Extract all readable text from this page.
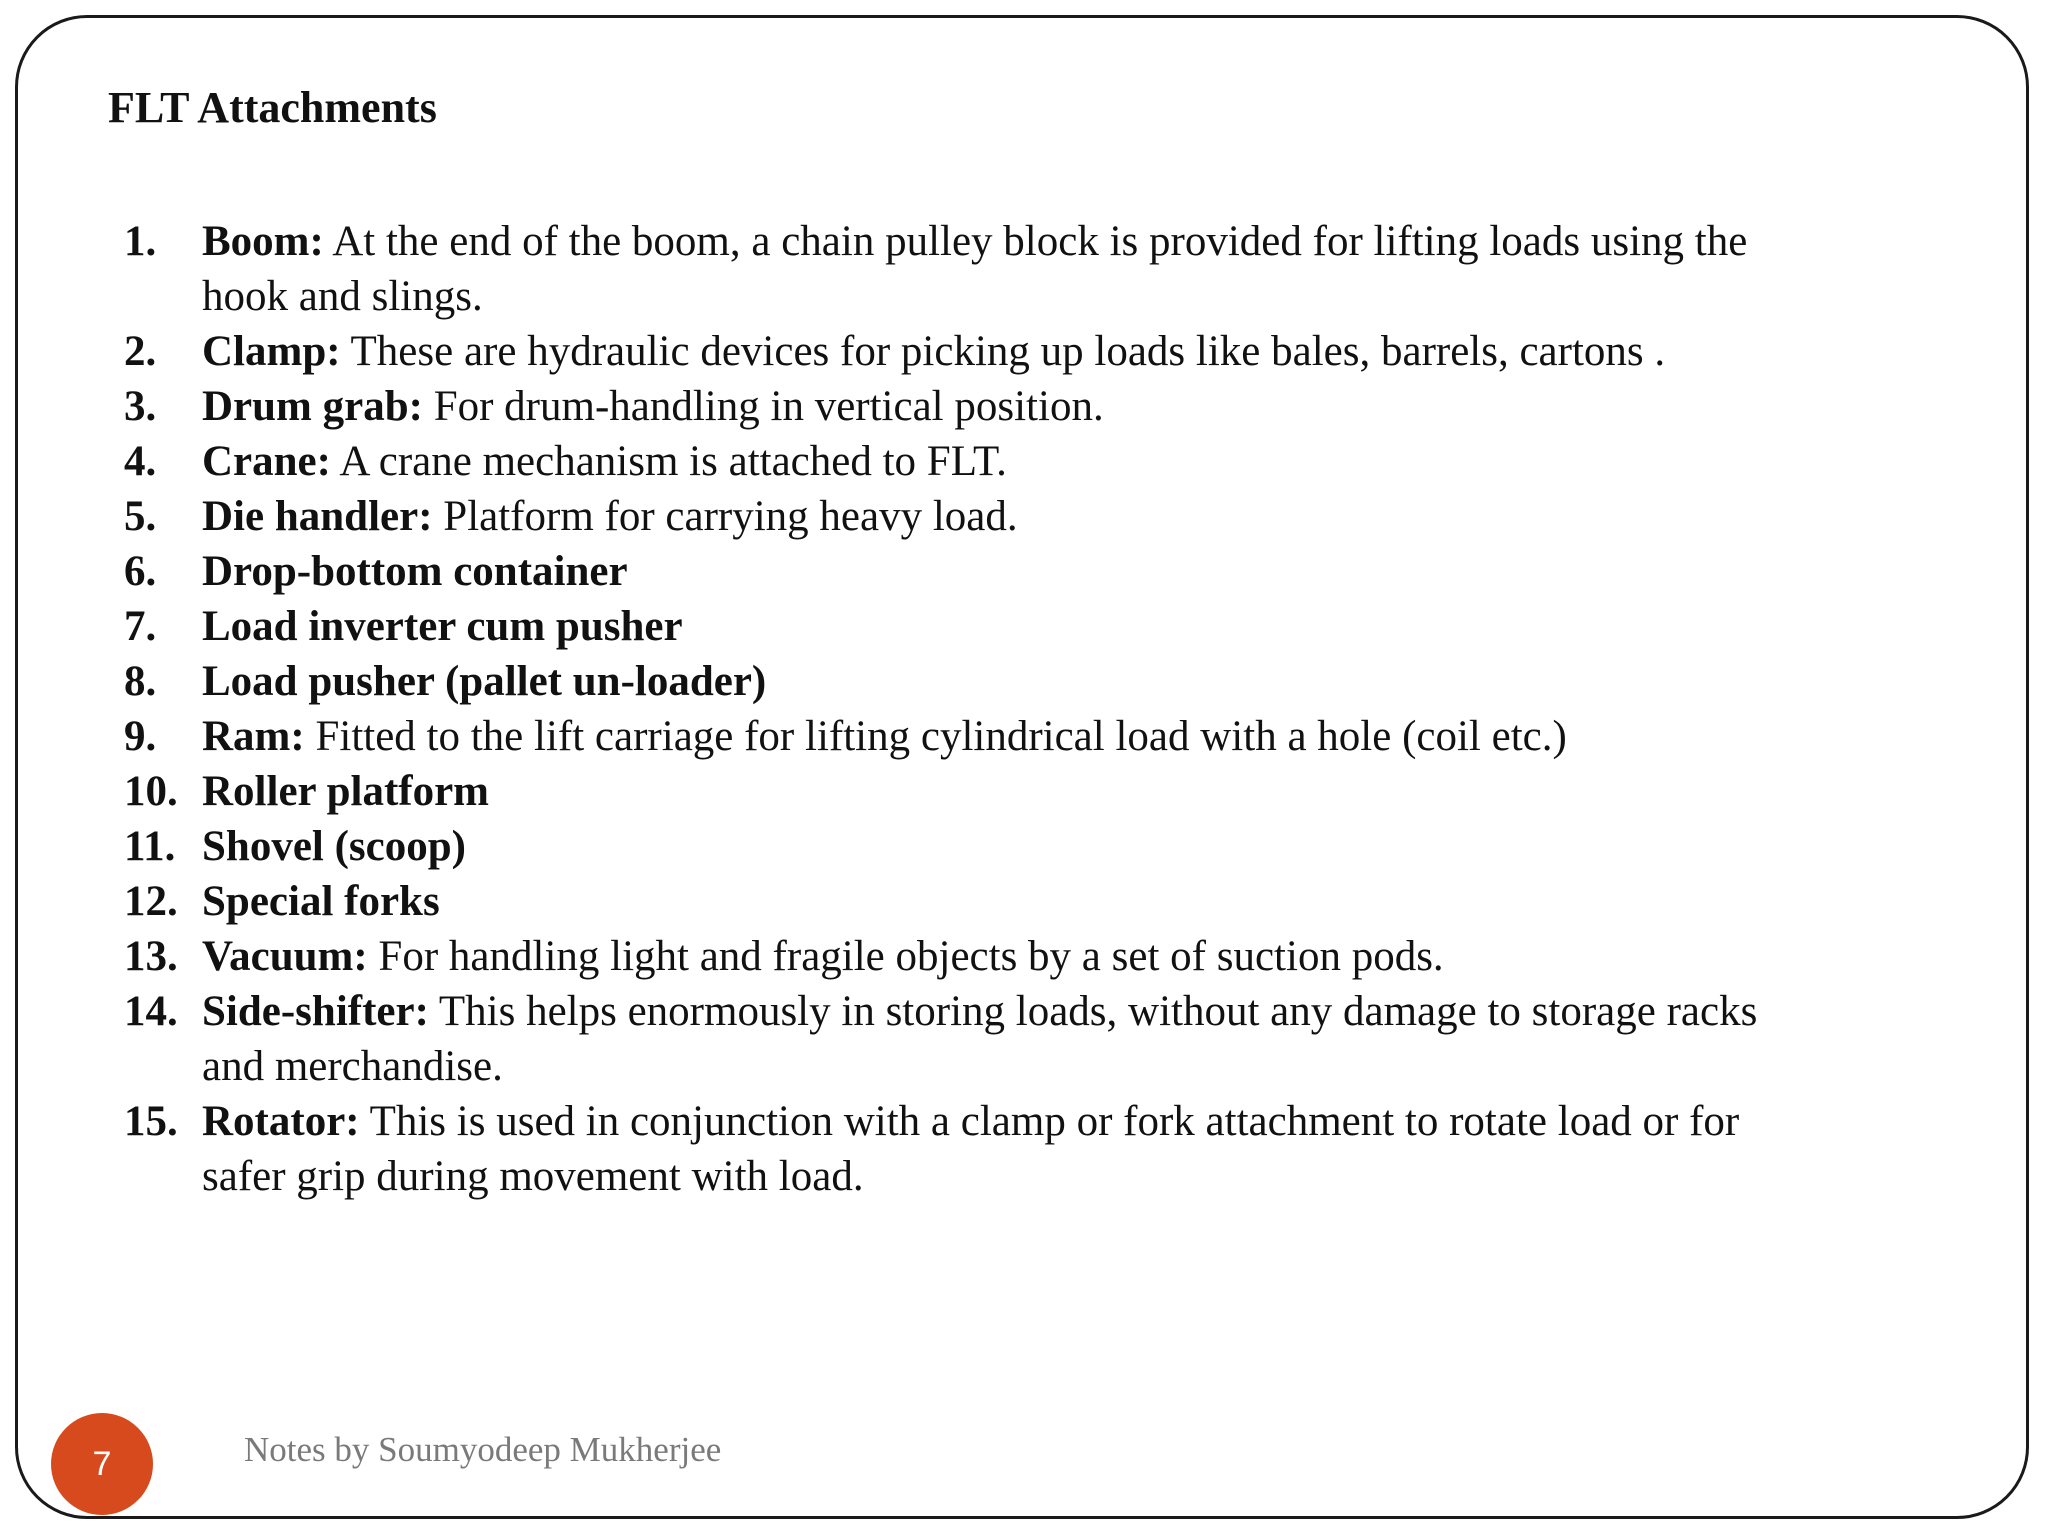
FLT Attachments
1. Boom: At the end of the boom, a chain pulley block is provided for lifting loads using the hook and slings.
2. Clamp: These are hydraulic devices for picking up loads like bales, barrels, cartons .
3. Drum grab: For drum-handling in vertical position.
4. Crane: A crane mechanism is attached to FLT.
5. Die handler: Platform for carrying heavy load.
6. Drop-bottom container
7. Load inverter cum pusher
8. Load pusher (pallet un-loader)
9. Ram: Fitted to the lift carriage for lifting cylindrical load with a hole (coil etc.)
10. Roller platform
11. Shovel (scoop)
12. Special forks
13. Vacuum: For handling light and fragile objects by a set of suction pods.
14. Side-shifter: This helps enormously in storing loads, without any damage to storage racks and merchandise.
15. Rotator: This is used in conjunction with a clamp or fork attachment to rotate load or for safer grip during movement with load.
7	Notes by Soumyodeep Mukherjee
